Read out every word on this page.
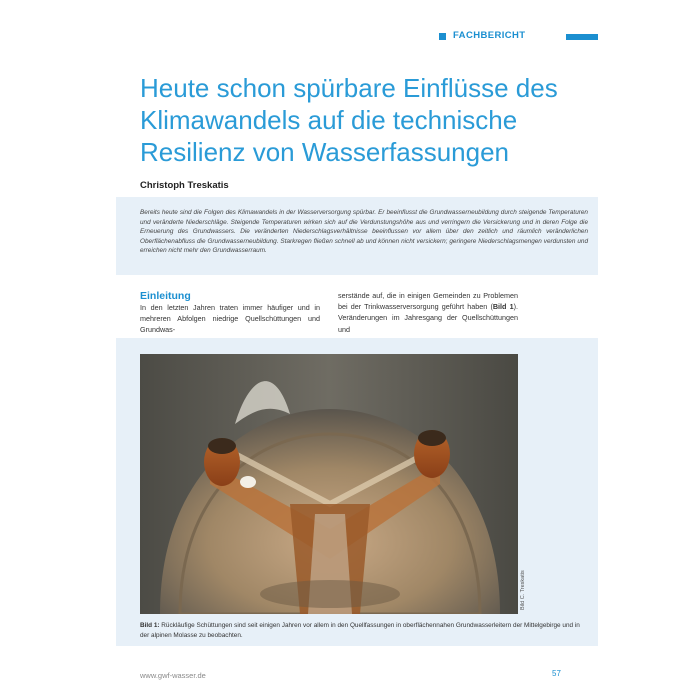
FACHBERICHT
Heute schon spürbare Einflüsse des
Klimawandels auf die technische
Resilienz von Wasserfassungen
Christoph Treskatis

Bereits heute sind die Folgen des Klimawandels in der Wasserversorgung spürbar. Er beeinflusst die Grundwasserneubildung durch steigende Temperaturen und veränderte Niederschläge. Steigende Temperaturen wirken sich auf die Verdunstungshöhe aus und verringern die Versickerung und in deren Folge die Erneuerung des Grundwassers. Die veränderten Niederschlagsverhältnisse beeinflussen vor allem über den zeitlich und räumlich veränderlichen Oberflächenabfluss die Grundwasserneubildung. Starkregen fließen schnell ab und können nicht versickern; geringere Niederschlagsmengen verdunsten und erreichen nicht mehr den Grundwasserraum.

Einleitung
In den letzten Jahren traten immer häufiger und in mehreren Abfolgen niedrige Quellschüttungen und Grundwas-
serstände auf, die in einigen Gemeinden zu Problemen bei der Trinkwasserversorgung geführt haben (Bild 1). Veränderungen im Jahresgang der Quellschüttungen und
Bild C. Treskatis
Bild 1: Rückläufige Schüttungen sind seit einigen Jahren vor allem in den Quellfassungen in oberflächennahen Grundwasserleitern der Mittelgebirge und in der alpinen Molasse zu beobachten.
www.gwf-wasser.de	57
